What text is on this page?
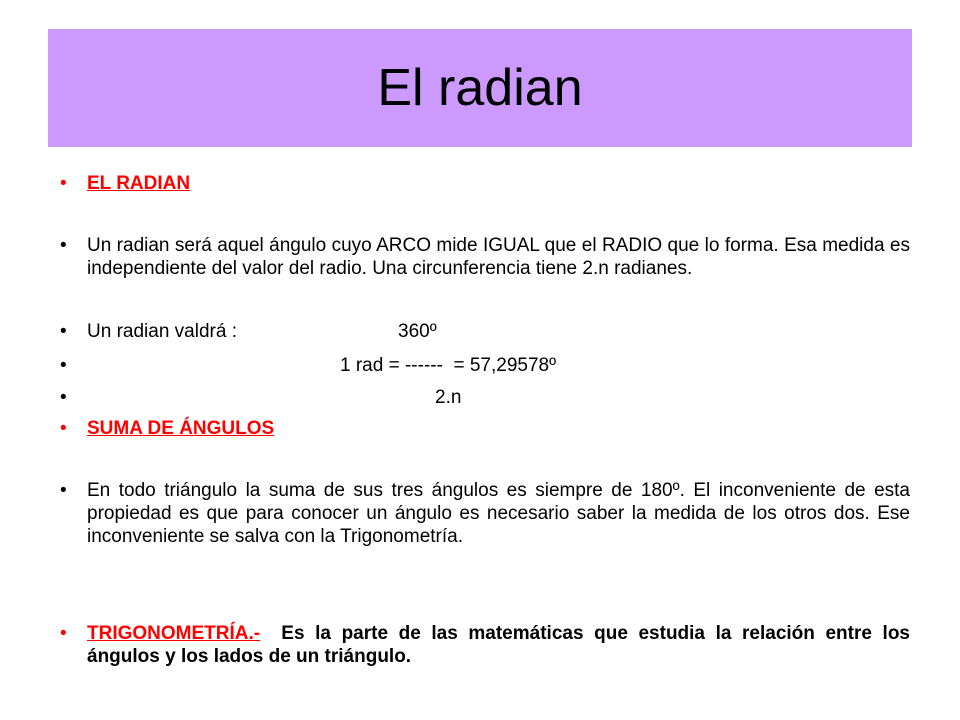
El radian
• EL RADIAN
• Un radian será aquel ángulo cuyo ARCO mide IGUAL que el RADIO que lo forma. Esa medida es independiente del valor del radio. Una circunferencia tiene 2.n radianes.
• Un radian valdrá :	360º
•	1 rad = ------  = 57,29578º
•	2.n
• SUMA DE ÁNGULOS
• En todo triángulo la suma de sus tres ángulos es siempre de 180º. El inconveniente de esta propiedad es que para conocer un ángulo es necesario saber la medida de los otros dos. Ese inconveniente se salva con la Trigonometría.
• TRIGONOMETRÍA.- Es la parte de las matemáticas que estudia la relación entre los ángulos y los lados de un triángulo.
